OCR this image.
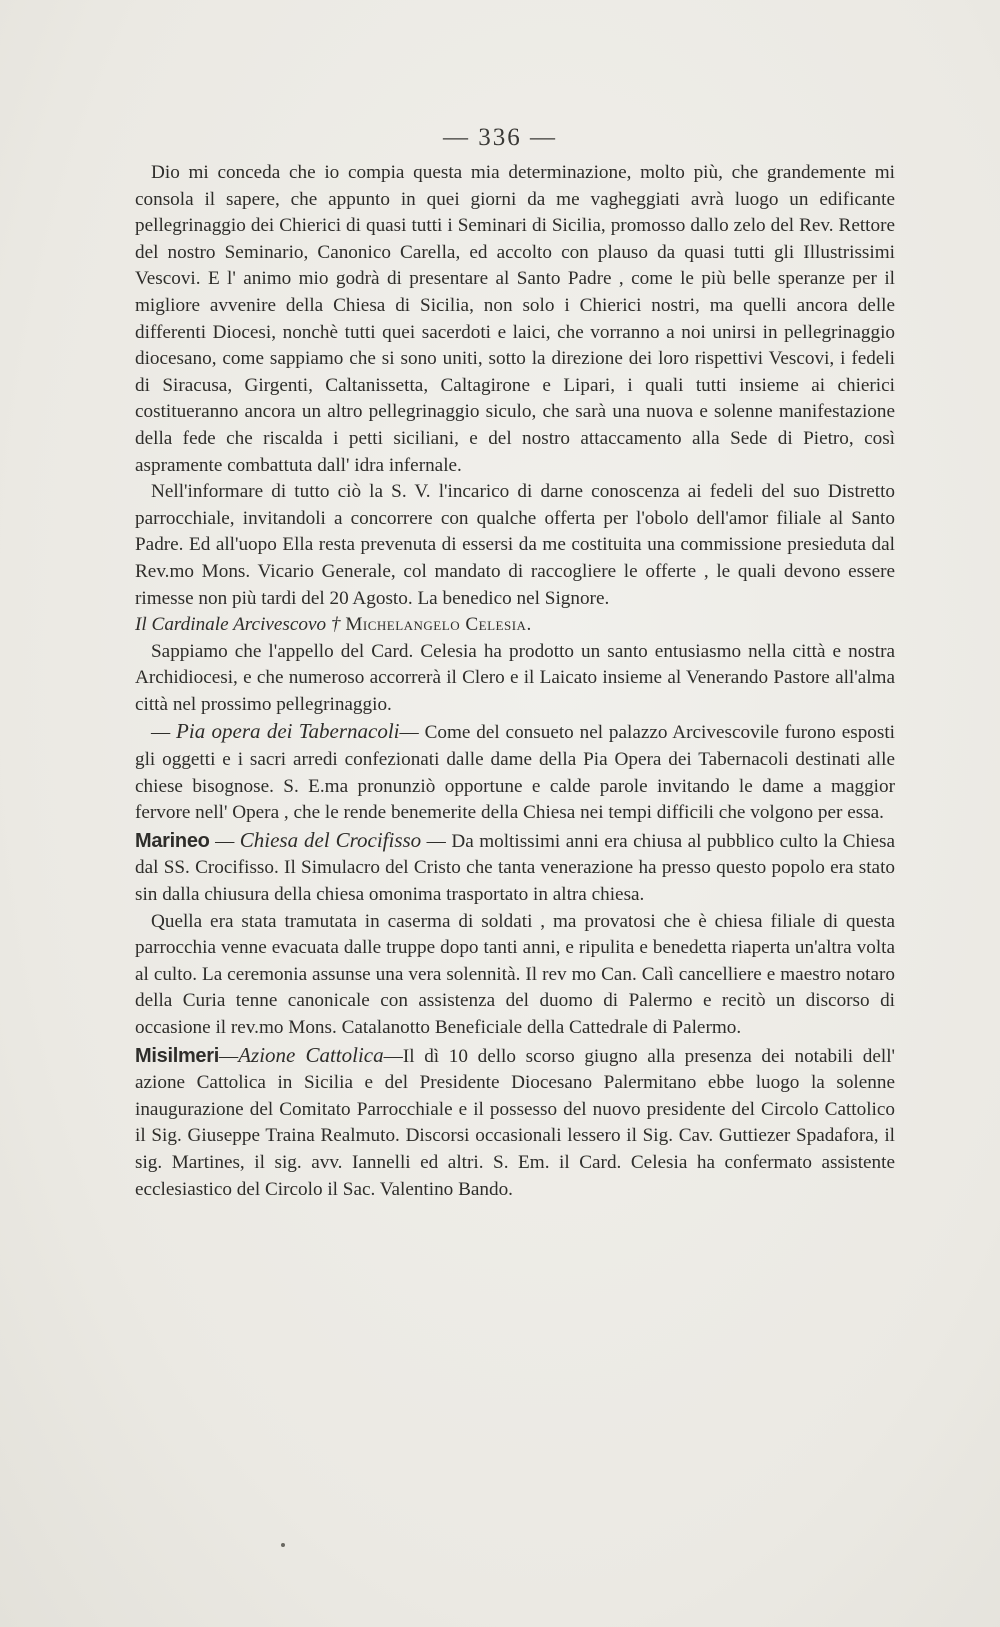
— 336 —

Dio mi conceda che io compia questa mia determinazione, molto più, che grandemente mi consola il sapere, che appunto in quei giorni da me vagheggiati avrà luogo un edificante pellegrinaggio dei Chierici di quasi tutti i Seminari di Sicilia, promosso dallo zelo del Rev. Rettore del nostro Seminario, Canonico Carella, ed accolto con plauso da quasi tutti gli Illustrissimi Vescovi. E l' animo mio godrà di presentare al Santo Padre , come le più belle speranze per il migliore avvenire della Chiesa di Sicilia, non solo i Chierici nostri, ma quelli ancora delle differenti Diocesi, nonchè tutti quei sacerdoti e laici, che vorranno a noi unirsi in pellegrinaggio diocesano, come sappiamo che si sono uniti, sotto la direzione dei loro rispettivi Vescovi, i fedeli di Siracusa, Girgenti, Caltanissetta, Caltagirone e Lipari, i quali tutti insieme ai chierici costitueranno ancora un altro pellegrinaggio siculo, che sarà una nuova e solenne manifestazione della fede che riscalda i petti siciliani, e del nostro attaccamento alla Sede di Pietro, così aspramente combattuta dall' idra infernale.

Nell'informare di tutto ciò la S. V. l'incarico di darne conoscenza ai fedeli del suo Distretto parrocchiale, invitandoli a concorrere con qualche offerta per l'obolo dell'amor filiale al Santo Padre. Ed all'uopo Ella resta prevenuta di essersi da me costituita una commissione presieduta dal Rev.mo Mons. Vicario Generale, col mandato di raccogliere le offerte , le quali devono essere rimesse non più tardi del 20 Agosto. La benedico nel Signore.

Il Cardinale Arcivescovo † Michelangelo Celesia.

Sappiamo che l'appello del Card. Celesia ha prodotto un santo entusiasmo nella città e nostra Archidiocesi, e che numeroso accorrerà il Clero e il Laicato insieme al Venerando Pastore all'alma città nel prossimo pellegrinaggio.

— Pia opera dei Tabernacoli— Come del consueto nel palazzo Arcivescovile furono esposti gli oggetti e i sacri arredi confezionati dalle dame della Pia Opera dei Tabernacoli destinati alle chiese bisognose. S. E.ma pronunziò opportune e calde parole invitando le dame a maggior fervore nell' Opera , che le rende benemerite della Chiesa nei tempi difficili che volgono per essa.

Marineo — Chiesa del Crocifisso — Da moltissimi anni era chiusa al pubblico culto la Chiesa dal SS. Crocifisso. Il Simulacro del Cristo che tanta venerazione ha presso questo popolo era stato sin dalla chiusura della chiesa omonima trasportato in altra chiesa.

Quella era stata tramutata in caserma di soldati , ma provatosi che è chiesa filiale di questa parrocchia venne evacuata dalle truppe dopo tanti anni, e ripulita e benedetta riaperta un'altra volta al culto. La ceremonia assunse una vera solennità. Il rev mo Can. Calì cancelliere e maestro notaro della Curia tenne canonicale con assistenza del duomo di Palermo e recitò un discorso di occasione il rev.mo Mons. Catalanotto Beneficiale della Cattedrale di Palermo.

Misilmeri—Azione Cattolica—Il dì 10 dello scorso giugno alla presenza dei notabili dell' azione Cattolica in Sicilia e del Presidente Diocesano Palermitano ebbe luogo la solenne inaugurazione del Comitato Parrocchiale e il possesso del nuovo presidente del Circolo Cattolico il Sig. Giuseppe Traina Realmuto. Discorsi occasionali lessero il Sig. Cav. Guttiezer Spadafora, il sig. Martines, il sig. avv. Iannelli ed altri. S. Em. il Card. Celesia ha confermato assistente ecclesiastico del Circolo il Sac. Valentino Bando.
